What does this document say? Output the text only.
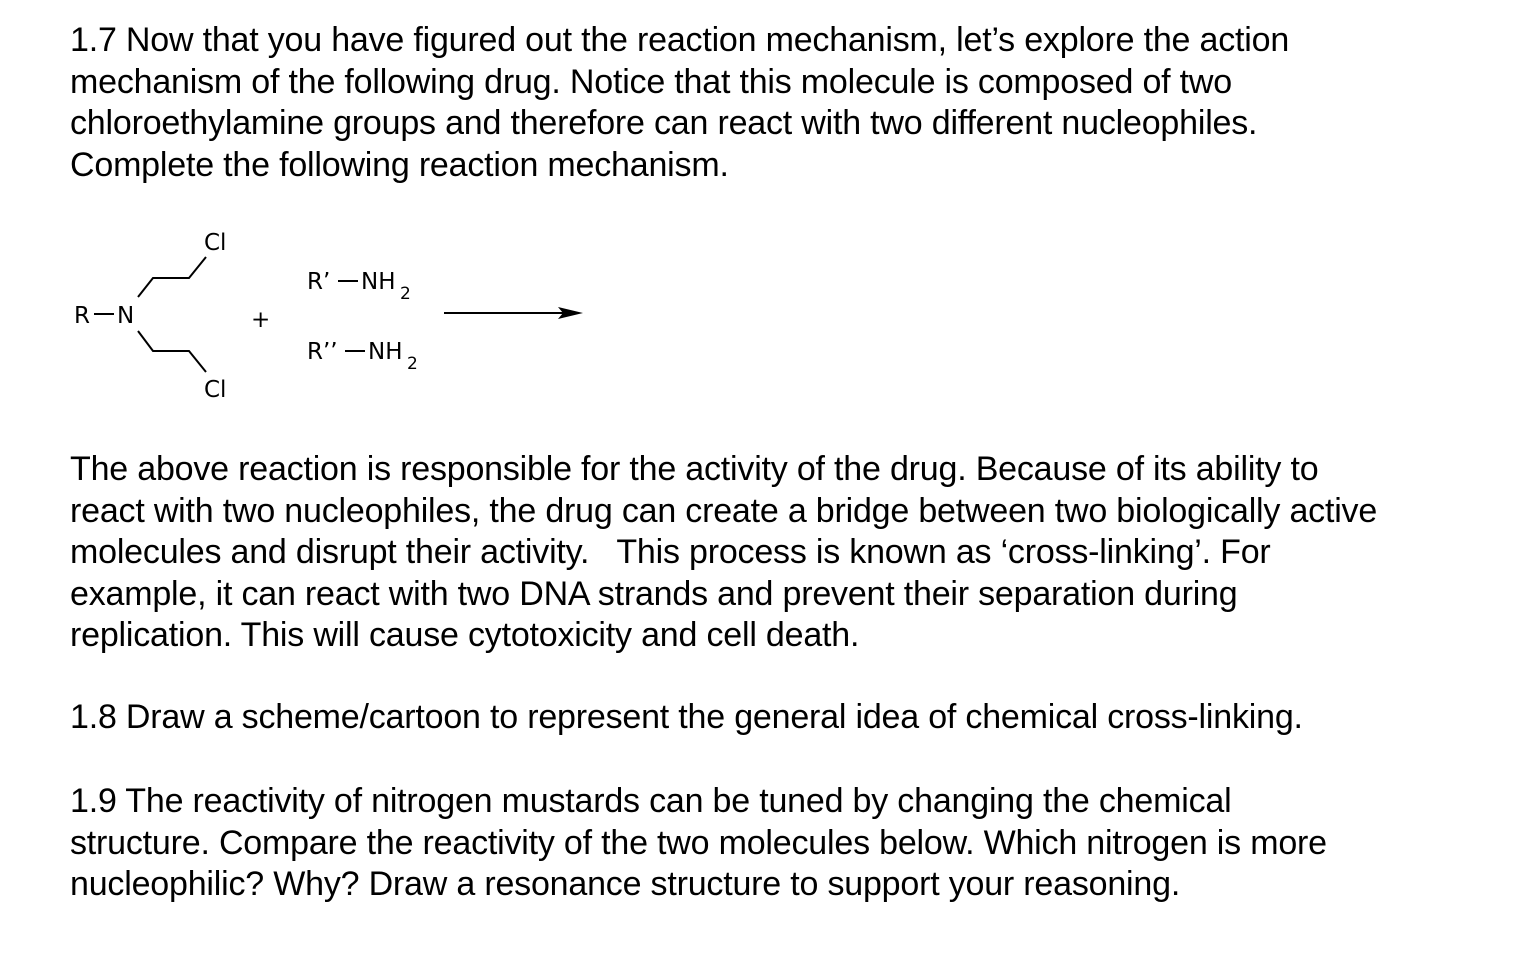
1.7 Now that you have figured out the reaction mechanism, let’s explore the action
mechanism of the following drug. Notice that this molecule is composed of two
chloroethylamine groups and therefore can react with two different nucleophiles.
Complete the following reaction mechanism.

R N
Cl
Cl
+
R’ NH 2
R’’ NH 2

The above reaction is responsible for the activity of the drug. Because of its ability to
react with two nucleophiles, the drug can create a bridge between two biologically active
molecules and disrupt their activity.   This process is known as ‘cross-linking’. For
example, it can react with two DNA strands and prevent their separation during
replication. This will cause cytotoxicity and cell death.

1.8 Draw a scheme/cartoon to represent the general idea of chemical cross-linking.

1.9 The reactivity of nitrogen mustards can be tuned by changing the chemical
structure. Compare the reactivity of the two molecules below. Which nitrogen is more
nucleophilic? Why? Draw a resonance structure to support your reasoning.
